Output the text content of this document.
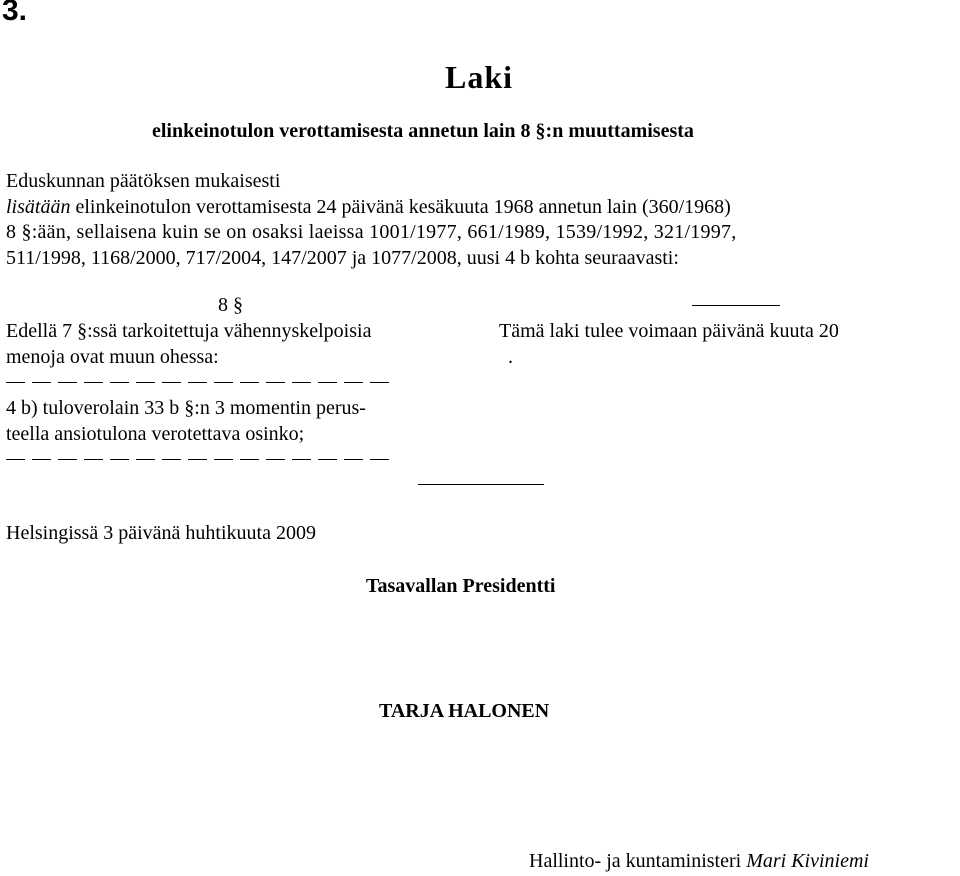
3.
Laki
elinkeinotulon verottamisesta annetun lain 8 §:n muuttamisesta
Eduskunnan päätöksen mukaisesti
lisätään elinkeinotulon verottamisesta 24 päivänä kesäkuuta 1968 annetun lain (360/1968)
8 §:ään, sellaisena kuin se on osaksi laeissa 1001/1977, 661/1989, 1539/1992, 321/1997,
511/1998, 1168/2000, 717/2004, 147/2007 ja 1077/2008, uusi 4 b kohta seuraavasti:
8 §
Edellä 7 §:ssä tarkoitettuja vähennyskelpoisia
menoja ovat muun ohessa:
Tämä laki tulee voimaan päivänä kuuta 20
.
4 b) tuloverolain 33 b §:n 3 momentin perus-
teella ansiotulona verotettava osinko;
Helsingissä 3 päivänä huhtikuuta 2009
Tasavallan Presidentti
TARJA HALONEN
Hallinto- ja kuntaministeri Mari Kiviniemi
